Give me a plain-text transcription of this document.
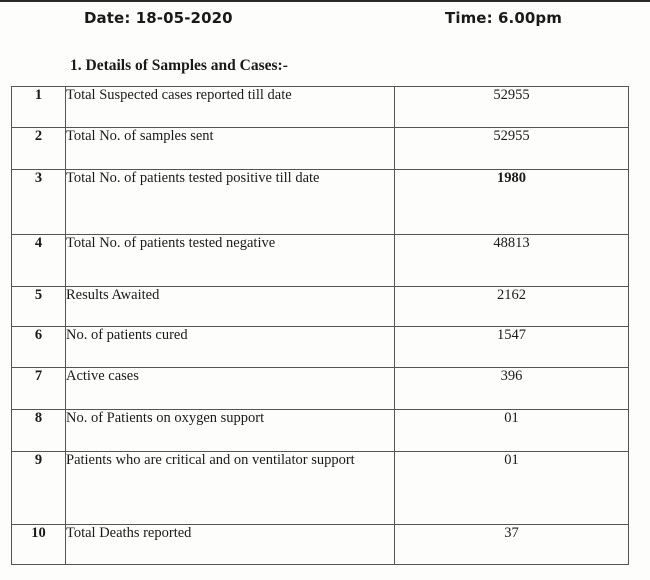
Date: 18-05-2020	Time: 6.00pm
1. Details of Samples and Cases:-
1	Total Suspected cases reported till date	52955
2	Total No. of samples sent	52955
3	Total No. of patients tested positive till date	1980
4	Total No. of patients tested negative	48813
5	Results Awaited	2162
6	No. of patients cured	1547
7	Active cases	396
8	No. of Patients on oxygen support	01
9	Patients who are critical and on ventilator support	01
10	Total Deaths reported	37
